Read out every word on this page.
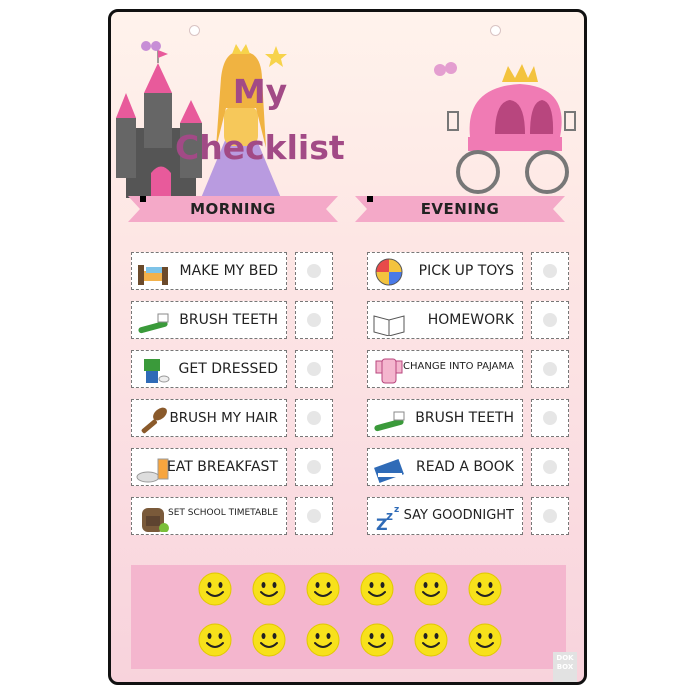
My
Checklist
MORNING	EVENING
MAKE MY BED
BRUSH TEETH
GET DRESSED
BRUSH MY HAIR
EAT BREAKFAST
SET SCHOOL TIMETABLE
PICK UP TOYS
HOMEWORK
CHANGE INTO PAJAMA
BRUSH TEETH
READ A BOOK
Z
z z SAY GOODNIGHT
DOK
BOX
